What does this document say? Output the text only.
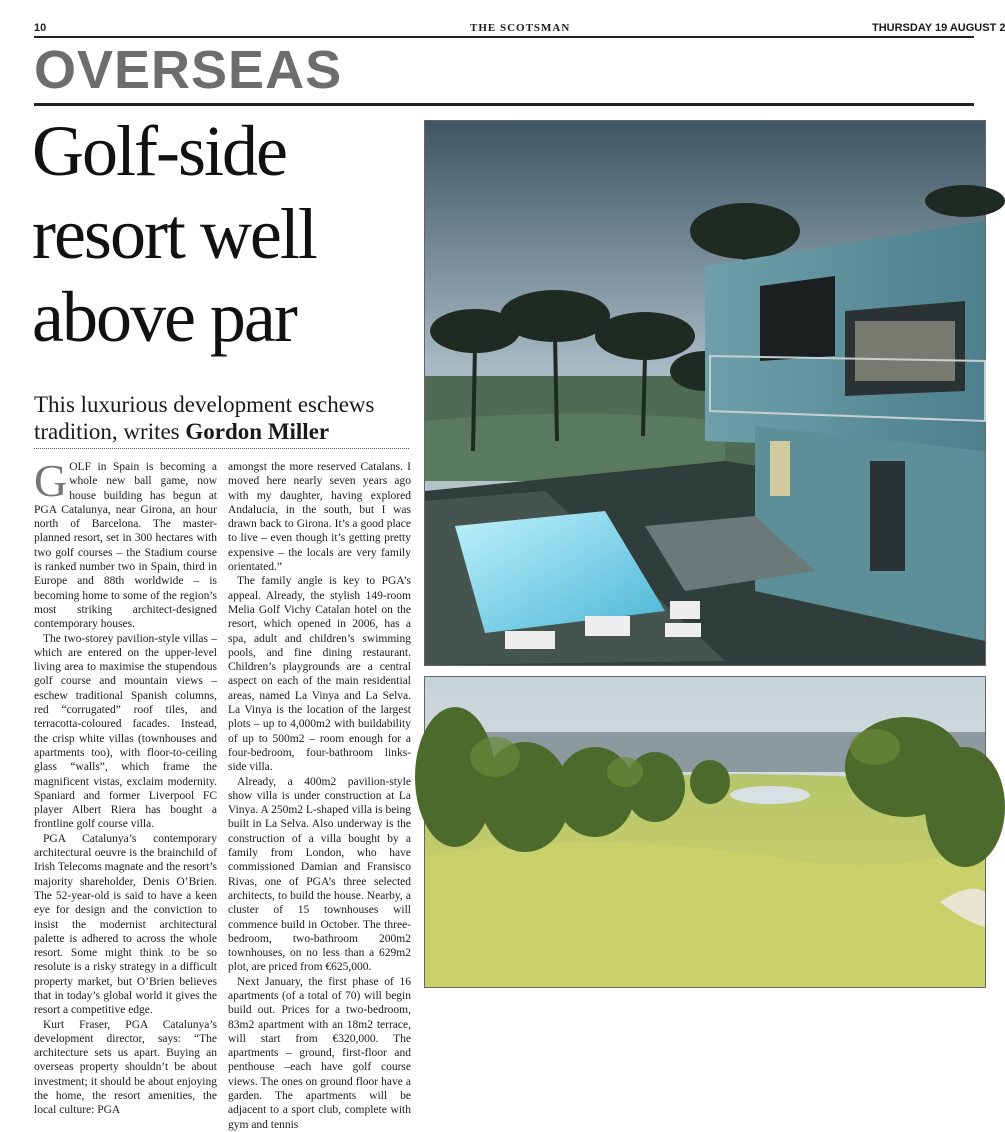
10	THE SCOTSMAN	THURSDAY 19 AUGUST 2
OVERSEAS
Golf-side
resort well
above par
This luxurious development eschews tradition, writes Gordon Miller

GOLF in Spain is becoming a whole new ball game, now house building has begun at PGA Catalunya, near Girona, an hour north of Barcelona. The master-planned resort, set in 300 hectares with two golf courses – the Stadium course is ranked number two in Spain, third in Europe and 88th worldwide – is becoming home to some of the region’s most striking architect-designed contemporary houses.

The two-storey pavilion-style villas – which are entered on the upper-level living area to maximise the stupendous golf course and mountain views – eschew traditional Spanish columns, red “corrugated” roof tiles, and terracotta-coloured facades. Instead, the crisp white villas (townhouses and apartments too), with floor-to-ceiling glass “walls”, which frame the magnificent vistas, exclaim modernity. Spaniard and former Liverpool FC player Albert Riera has bought a frontline golf course villa.

PGA Catalunya’s contemporary architectural oeuvre is the brainchild of Irish Telecoms magnate and the resort’s majority shareholder, Denis O’Brien. The 52-year-old is said to have a keen eye for design and the conviction to insist the modernist architectural palette is adhered to across the whole resort. Some might think to be so resolute is a risky strategy in a difficult property market, but O’Brien believes that in today’s global world it gives the resort a competitive edge.

Kurt Fraser, PGA Catalunya’s development director, says: “The architecture sets us apart. Buying an overseas property shouldn’t be about investment; it should be about enjoying the home, the resort amenities, the local culture: PGA

amongst the more reserved Catalans. I moved here nearly seven years ago with my daughter, having explored Andalucia, in the south, but I was drawn back to Girona. It’s a good place to live – even though it’s getting pretty expensive – the locals are very family orientated.”

The family angle is key to PGA’s appeal. Already, the stylish 149-room Melia Golf Vichy Catalan hotel on the resort, which opened in 2006, has a spa, adult and children’s swimming pools, and fine dining restaurant. Children’s playgrounds are a central aspect on each of the main residential areas, named La Vinya and La Selva. La Vinya is the location of the largest plots – up to 4,000m2 with buildability of up to 500m2 – room enough for a four-bedroom, four-bathroom links-side villa.

Already, a 400m2 pavilion-style show villa is under construction at La Vinya. A 250m2 L-shaped villa is being built in La Selva. Also underway is the construction of a villa bought by a family from London, who have commissioned Damian and Fransisco Rivas, one of PGA’s three selected architects, to build the house. Nearby, a cluster of 15 townhouses will commence build in October. The three-bedroom, two-bathroom 200m2 townhouses, on no less than a 629m2 plot, are priced from €625,000.

Next January, the first phase of 16 apartments (of a total of 70) will begin build out. Prices for a two-bedroom, 83m2 apartment with an 18m2 terrace, will start from €320,000. The apartments – ground, first-floor and penthouse –each have golf course views. The ones on ground floor have a garden. The apartments will be adjacent to a sport club, complete with gym and tennis
